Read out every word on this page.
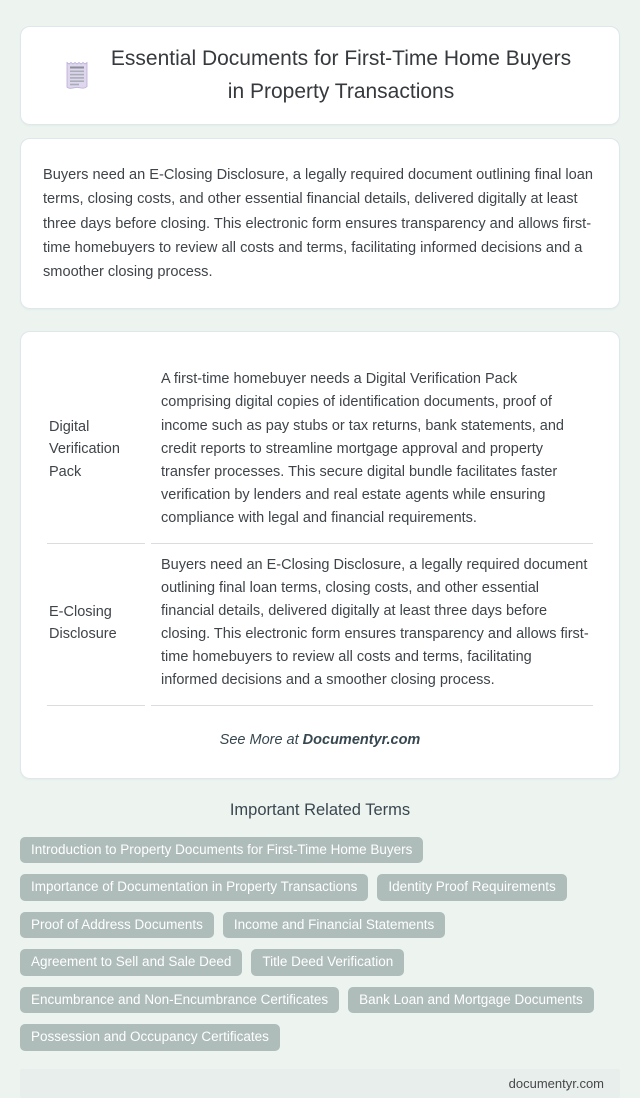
Essential Documents for First-Time Home Buyers in Property Transactions

Buyers need an E-Closing Disclosure, a legally required document outlining final loan terms, closing costs, and other essential financial details, delivered digitally at least three days before closing. This electronic form ensures transparency and allows first-time homebuyers to review all costs and terms, facilitating informed decisions and a smoother closing process.

Digital Verification Pack	A first-time homebuyer needs a Digital Verification Pack comprising digital copies of identification documents, proof of income such as pay stubs or tax returns, bank statements, and credit reports to streamline mortgage approval and property transfer processes. This secure digital bundle facilitates faster verification by lenders and real estate agents while ensuring compliance with legal and financial requirements.
E-Closing Disclosure	Buyers need an E-Closing Disclosure, a legally required document outlining final loan terms, closing costs, and other essential financial details, delivered digitally at least three days before closing. This electronic form ensures transparency and allows first-time homebuyers to review all costs and terms, facilitating informed decisions and a smoother closing process.

See More at Documentyr.com

Important Related Terms
Introduction to Property Documents for First-Time Home Buyers
Importance of Documentation in Property Transactions	Identity Proof Requirements
Proof of Address Documents	Income and Financial Statements
Agreement to Sell and Sale Deed	Title Deed Verification
Encumbrance and Non-Encumbrance Certificates	Bank Loan and Mortgage Documents
Possession and Occupancy Certificates
documentyr.com
